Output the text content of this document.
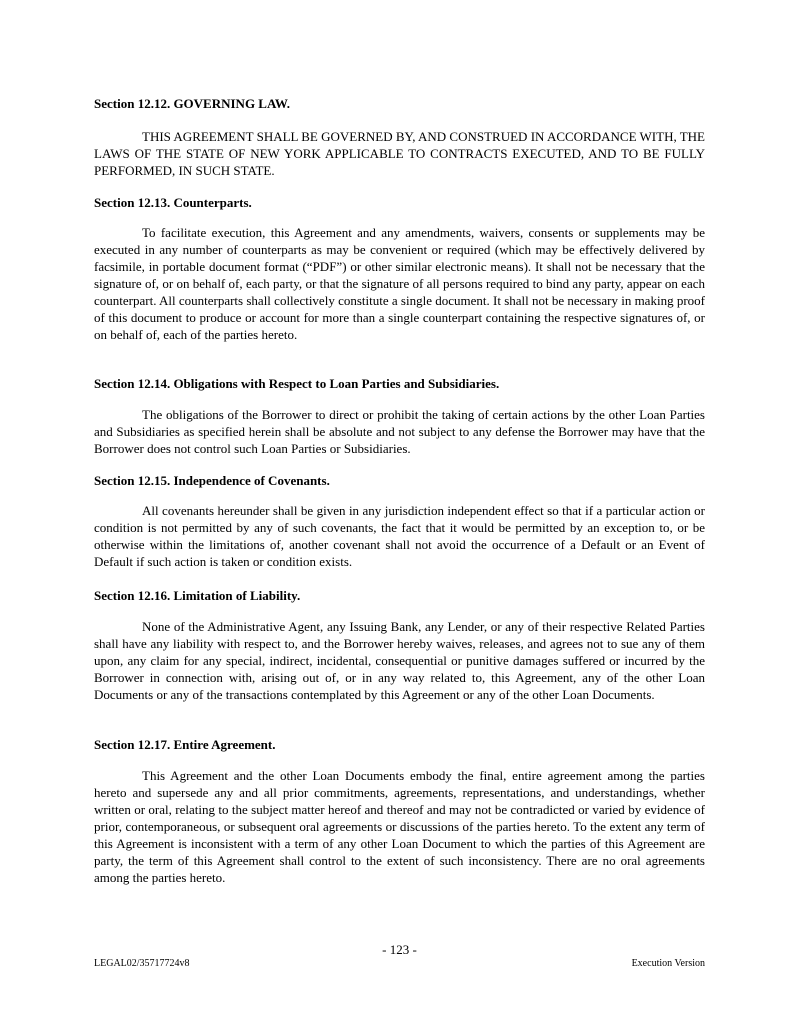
Section 12.12. GOVERNING LAW.
THIS AGREEMENT SHALL BE GOVERNED BY, AND CONSTRUED IN ACCORDANCE WITH, THE LAWS OF THE STATE OF NEW YORK APPLICABLE TO CONTRACTS EXECUTED, AND TO BE FULLY PERFORMED, IN SUCH STATE.
Section 12.13. Counterparts.
To facilitate execution, this Agreement and any amendments, waivers, consents or supplements may be executed in any number of counterparts as may be convenient or required (which may be effectively delivered by facsimile, in portable document format (“PDF”) or other similar electronic means). It shall not be necessary that the signature of, or on behalf of, each party, or that the signature of all persons required to bind any party, appear on each counterpart. All counterparts shall collectively constitute a single document. It shall not be necessary in making proof of this document to produce or account for more than a single counterpart containing the respective signatures of, or on behalf of, each of the parties hereto.
Section 12.14. Obligations with Respect to Loan Parties and Subsidiaries.
The obligations of the Borrower to direct or prohibit the taking of certain actions by the other Loan Parties and Subsidiaries as specified herein shall be absolute and not subject to any defense the Borrower may have that the Borrower does not control such Loan Parties or Subsidiaries.
Section 12.15. Independence of Covenants.
All covenants hereunder shall be given in any jurisdiction independent effect so that if a particular action or condition is not permitted by any of such covenants, the fact that it would be permitted by an exception to, or be otherwise within the limitations of, another covenant shall not avoid the occurrence of a Default or an Event of Default if such action is taken or condition exists.
Section 12.16. Limitation of Liability.
None of the Administrative Agent, any Issuing Bank, any Lender, or any of their respective Related Parties shall have any liability with respect to, and the Borrower hereby waives, releases, and agrees not to sue any of them upon, any claim for any special, indirect, incidental, consequential or punitive damages suffered or incurred by the Borrower in connection with, arising out of, or in any way related to, this Agreement, any of the other Loan Documents or any of the transactions contemplated by this Agreement or any of the other Loan Documents.
Section 12.17. Entire Agreement.
This Agreement and the other Loan Documents embody the final, entire agreement among the parties hereto and supersede any and all prior commitments, agreements, representations, and understandings, whether written or oral, relating to the subject matter hereof and thereof and may not be contradicted or varied by evidence of prior, contemporaneous, or subsequent oral agreements or discussions of the parties hereto. To the extent any term of this Agreement is inconsistent with a term of any other Loan Document to which the parties of this Agreement are party, the term of this Agreement shall control to the extent of such inconsistency. There are no oral agreements among the parties hereto.
- 123 -
LEGAL02/35717724v8	Execution Version
